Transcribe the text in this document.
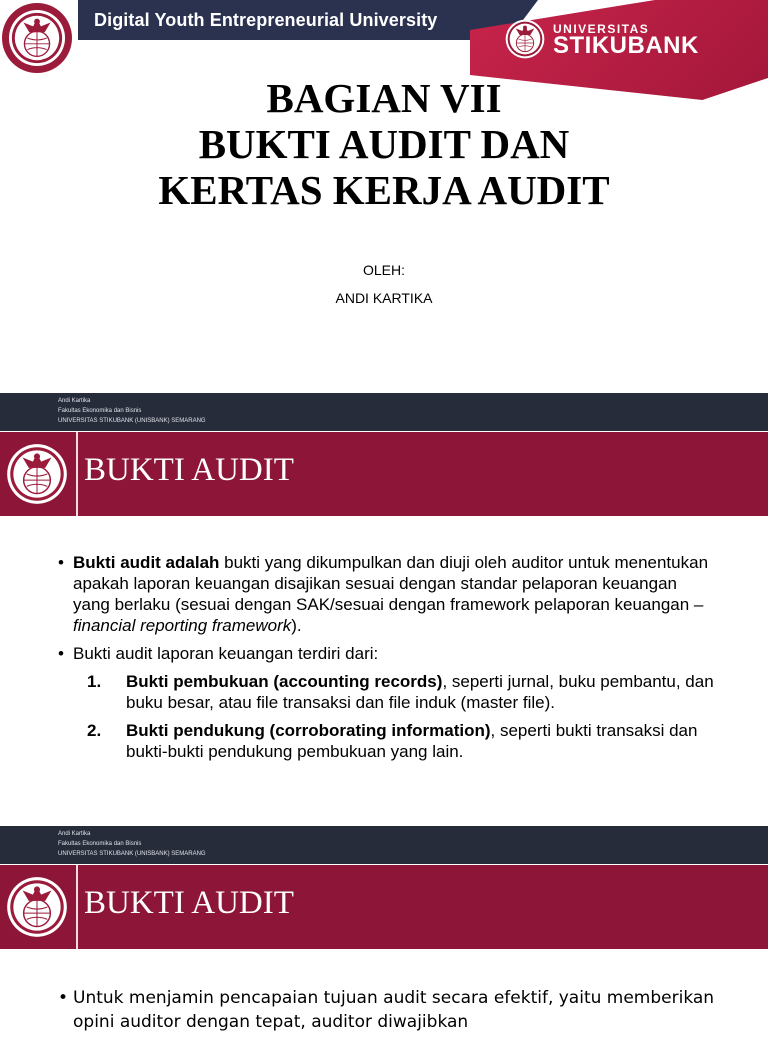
Digital Youth Entrepreneurial University	UNIVERSITAS
STIKUBANK
BAGIAN VII
BUKTI AUDIT DAN
KERTAS KERJA AUDIT
OLEH:
ANDI KARTIKA
Andi Kartika
Fakultas Ekonomika dan Bisnis
UNIVERSITAS STIKUBANK (UNISBANK) SEMARANG
BUKTI AUDIT
• Bukti audit adalah bukti yang dikumpulkan dan diuji oleh auditor untuk menentukan apakah laporan keuangan disajikan sesuai dengan standar pelaporan keuangan yang berlaku (sesuai dengan SAK/sesuai dengan framework pelaporan keuangan – financial reporting framework).
• Bukti audit laporan keuangan terdiri dari:
1. Bukti pembukuan (accounting records), seperti jurnal, buku pembantu, dan buku besar, atau file transaksi dan file induk (master file).
2. Bukti pendukung (corroborating information), seperti bukti transaksi dan bukti-bukti pendukung pembukuan yang lain.
Andi Kartika
Fakultas Ekonomika dan Bisnis
UNIVERSITAS STIKUBANK (UNISBANK) SEMARANG
BUKTI AUDIT
• Untuk menjamin pencapaian tujuan audit secara efektif, yaitu memberikan opini auditor dengan tepat, auditor diwajibkan
